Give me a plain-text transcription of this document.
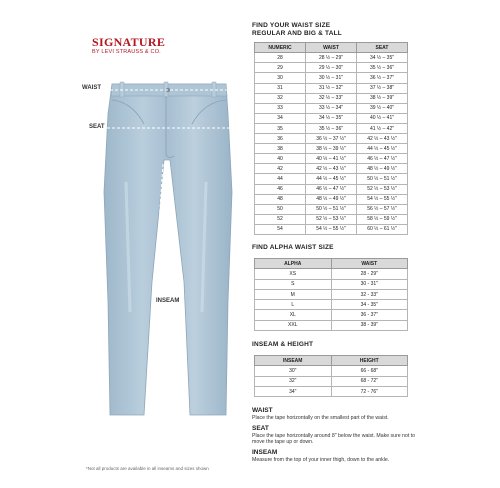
SIGNATURE
BY LEVI STRAUSS & CO.
WAIST
SEAT
INSEAM
*Not all products are available in all inseams and sizes shown
FIND YOUR WAIST SIZE
REGULAR AND BIG & TALL
NUMERIC	WAIST	SEAT
28	28 ½ – 29"	34 ½ – 35"
29	29 ½ – 30"	35 ½ – 36"
30	30 ½ – 31"	36 ½ – 37"
31	31 ½ – 32"	37 ½ – 38"
32	32 ½ – 33"	38 ½ – 39"
33	33 ½ – 34"	39 ½ – 40"
34	34 ½ – 35"	40 ½ – 41"
35	35 ½ – 36"	41 ½ – 42"
36	36 ½ – 37 ½"	42 ½ – 43 ½"
38	38 ½ – 39 ½"	44 ½ – 45 ½"
40	40 ½ – 41 ½"	46 ½ – 47 ½"
42	42 ½ – 43 ½"	48 ½ – 49 ½"
44	44 ½ – 45 ½"	50 ½ – 51 ½"
46	46 ½ – 47 ½"	52 ½ – 53 ½"
48	48 ½ – 49 ½"	54 ½ – 55 ½"
50	50 ½ – 51 ½"	56 ½ – 57 ½"
52	52 ½ – 53 ½"	58 ½ – 59 ½"
54	54 ½ – 55 ½"	60 ½ – 61 ½"
FIND ALPHA WAIST SIZE
ALPHA	WAIST
XS	28 - 29"
S	30 - 31"
M	32 - 33"
L	34 - 35"
XL	36 - 37"
XXL	38 - 39"
INSEAM & HEIGHT
INSEAM	HEIGHT
30"	66 - 68"
32"	68 - 72"
34"	72 - 76"
WAIST
Place the tape horizontally on the smallest part of the waist.
SEAT
Place the tape horizontally around 8" below the waist. Make sure not to move the tape up or down.
INSEAM
Measure from the top of your inner thigh, down to the ankle.
